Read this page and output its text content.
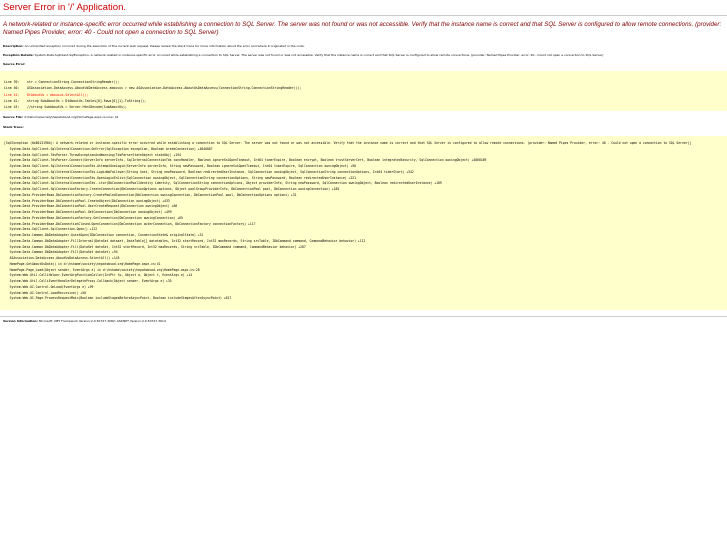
Server Error in '/' Application.
A network-related or instance-specific error occurred while establishing a connection to SQL Server. The server was not found or was not accessible. Verify that the instance name is correct and that SQL Server is configured to allow remote connections. (provider: Named Pipes Provider, error: 40 - Could not open a connection to SQL Server)
Description: An unhandled exception occurred during the execution of the current web request. Please review the stack trace for more information about the error and where it originated in the code.
Exception Details: System.Data.SqlClient.SqlException: A network-related or instance-specific error occurred while establishing a connection to SQL Server. The server was not found or was not accessible. Verify that the instance name is correct and that SQL Server is configured to allow remote connections. (provider: Named Pipes Provider, error: 40 - Could not open a connection to SQL Server)
Source Error:
Line 39:    str = ConnectionString.ConnectionStringReader();
Line 40:    ASAssociation.DataAccess.AboutUsDataAccess abousus = new ASAssociation.DataAccess.AboutUsDataAccess(ConnectionString.ConnectionStringReader());
Line 41:    DtAboutUs = abousus.SelectAll();
Line 42:    string SubAboutUs = DtAboutUs.Tables[0].Rows[0][1].ToString();
Line 43:    //string SubAboutUs = Server.HtmlDecode(SubAboutUs);
Source File: d:\hshome\society\hepatobsod.org\HomePage.aspx.cs Line: 41
Stack Trace:
[SqlException (0x80131904): A network-related or instance-specific error occurred while establishing a connection to SQL Server. The server was not found or was not accessible. Verify that the instance name is correct and that SQL Server is configured to allow remote connections. (provider: Named Pipes Provider, error: 40 - Could not open a connection to SQL Server)]
System.Data.SqlClient.SqlInternalConnection.OnError(SqlException exception, Boolean breakConnection) +4846887
System.Data.SqlClient.TdsParser.ThrowExceptionAndWarning(TdsParserStateObject stateObj) +194
System.Data.SqlClient.TdsParser.Connect(ServerInfo serverInfo, SqlInternalConnectionTds connHandler, Boolean ignoreSniOpenTimeout, Int64 timerExpire, Boolean encrypt, Boolean trustServerCert, Boolean integratedSecurity, SqlConnection owningObject) +4860189
System.Data.SqlClient.SqlInternalConnectionTds.AttemptOneLogin(ServerInfo serverInfo, String newPassword, Boolean ignoreSniOpenTimeout, Int64 timerExpire, SqlConnection owningObject) +90
System.Data.SqlClient.SqlInternalConnectionTds.LoginNoFailover(String host, String newPassword, Boolean redirectedUserInstance, SqlConnection owningObject, SqlConnectionString connectionOptions, Int64 timerStart) +342
System.Data.SqlClient.SqlInternalConnectionTds.OpenLoginEnlist(SqlConnection owningObject, SqlConnectionString connectionOptions, String newPassword, Boolean redirectedUserInstance) +221
System.Data.SqlClient.SqlInternalConnectionTds..ctor(DbConnectionPoolIdentity identity, SqlConnectionString connectionOptions, Object providerInfo, String newPassword, SqlConnection owningObject, Boolean redirectedUserInstance) +189
System.Data.SqlClient.SqlConnectionFactory.CreateConnection(DbConnectionOptions options, Object poolGroupProviderInfo, DbConnectionPool pool, DbConnection owningConnection) +185
System.Data.ProviderBase.DbConnectionFactory.CreatePooledConnection(DbConnection owningConnection, DbConnectionPool pool, DbConnectionOptions options) +31
System.Data.ProviderBase.DbConnectionPool.CreateObject(DbConnection owningObject) +433
System.Data.ProviderBase.DbConnectionPool.UserCreateRequest(DbConnection owningObject) +66
System.Data.ProviderBase.DbConnectionPool.GetConnection(DbConnection owningObject) +499
System.Data.ProviderBase.DbConnectionFactory.GetConnection(DbConnection owningConnection) +65
System.Data.ProviderBase.DbConnectionClosed.OpenConnection(DbConnection outerConnection, DbConnectionFactory connectionFactory) +117
System.Data.SqlClient.SqlConnection.Open() +122
System.Data.Common.DbDataAdapter.QuietOpen(IDbConnection connection, ConnectionState& originalState) +31
System.Data.Common.DbDataAdapter.FillInternal(DataSet dataset, DataTable[] datatables, Int32 startRecord, Int32 maxRecords, String srcTable, IDbCommand command, CommandBehavior behavior) +112
System.Data.Common.DbDataAdapter.Fill(DataSet dataSet, Int32 startRecord, Int32 maxRecords, String srcTable, IDbCommand command, CommandBehavior behavior) +287
System.Data.Common.DbDataAdapter.Fill(DataSet dataSet) +94
ASAssociation.DataAccess.AboutUsDataAccess.SelectAll() +145
HomePage.GetAboutUsData() in d:\hshome\society\hepatobsod.org\HomePage.aspx.cs:41
HomePage.Page_Load(Object sender, EventArgs e) in d:\hshome\society\hepatobsod.org\HomePage.aspx.cs:28
System.Web.Util.CalliHelper.EventArgFunctionCaller(IntPtr fp, Object o, Object t, EventArgs e) +14
System.Web.Util.CalliEventHandlerDelegateProxy.Callback(Object sender, EventArgs e) +35
System.Web.UI.Control.OnLoad(EventArgs e) +99
System.Web.UI.Control.LoadRecursive() +50
System.Web.UI.Page.ProcessRequestMain(Boolean includeStagesBeforeAsyncPoint, Boolean includeStagesAfterAsyncPoint) +627
Version Information: Microsoft .NET Framework Version:2.0.50727.3082; ASP.NET Version:2.0.50727.3614
